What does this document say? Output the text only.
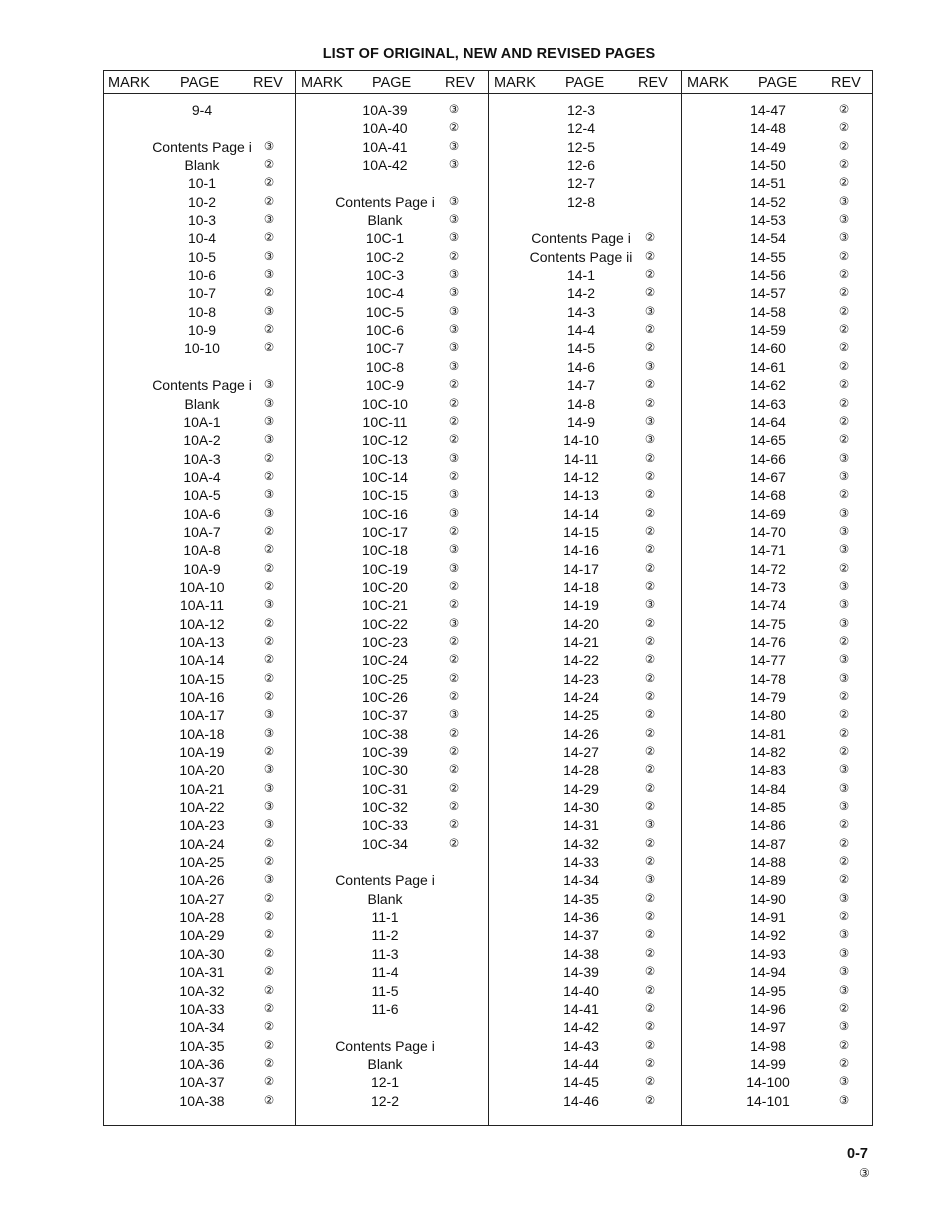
LIST OF ORIGINAL, NEW AND REVISED PAGES
MARK PAGE REV MARK PAGE REV MARK PAGE REV MARK PAGE REV
9-4
Contents Page i	③
Blank	②
10-1	②
10-2	②
10-3	③
10-4	②
10-5	③
10-6	③
10-7	②
10-8	③
10-9	②
10-10	②
Contents Page i	③
Blank	③
10A-1	③
10A-2	③
10A-3	②
10A-4	②
10A-5	③
10A-6	③
10A-7	②
10A-8	②
10A-9	②
10A-10	②
10A-11	③
10A-12	②
10A-13	②
10A-14	②
10A-15	②
10A-16	②
10A-17	③
10A-18	③
10A-19	②
10A-20	③
10A-21	③
10A-22	③
10A-23	③
10A-24	②
10A-25	②
10A-26	③
10A-27	②
10A-28	②
10A-29	②
10A-30	②
10A-31	②
10A-32	②
10A-33	②
10A-34	②
10A-35	②
10A-36	②
10A-37	②
10A-38	②
10A-39	③
10A-40	②
10A-41	③
10A-42	③
Contents Page i	③
Blank	③
10C-1	③
10C-2	②
10C-3	③
10C-4	③
10C-5	③
10C-6	③
10C-7	③
10C-8	③
10C-9	②
10C-10	②
10C-11	②
10C-12	②
10C-13	③
10C-14	②
10C-15	③
10C-16	③
10C-17	②
10C-18	③
10C-19	③
10C-20	②
10C-21	②
10C-22	③
10C-23	②
10C-24	②
10C-25	②
10C-26	②
10C-37	③
10C-38	②
10C-39	②
10C-30	②
10C-31	②
10C-32	②
10C-33	②
10C-34	②
Contents Page i
Blank
11-1
11-2
11-3
11-4
11-5
11-6
Contents Page i
Blank
12-1
12-2
12-3
12-4
12-5
12-6
12-7
12-8
Contents Page i	②
Contents Page ii	②
14-1	②
14-2	②
14-3	③
14-4	②
14-5	②
14-6	③
14-7	②
14-8	②
14-9	③
14-10	③
14-11	②
14-12	②
14-13	②
14-14	②
14-15	②
14-16	②
14-17	②
14-18	②
14-19	③
14-20	②
14-21	②
14-22	②
14-23	②
14-24	②
14-25	②
14-26	②
14-27	②
14-28	②
14-29	②
14-30	②
14-31	③
14-32	②
14-33	②
14-34	③
14-35	②
14-36	②
14-37	②
14-38	②
14-39	②
14-40	②
14-41	②
14-42	②
14-43	②
14-44	②
14-45	②
14-46	②
14-47	②
14-48	②
14-49	②
14-50	②
14-51	②
14-52	③
14-53	③
14-54	③
14-55	②
14-56	②
14-57	②
14-58	②
14-59	②
14-60	②
14-61	②
14-62	②
14-63	②
14-64	②
14-65	②
14-66	③
14-67	③
14-68	②
14-69	③
14-70	③
14-71	③
14-72	②
14-73	③
14-74	③
14-75	③
14-76	②
14-77	③
14-78	③
14-79	②
14-80	②
14-81	②
14-82	②
14-83	③
14-84	③
14-85	③
14-86	②
14-87	②
14-88	②
14-89	②
14-90	③
14-91	②
14-92	③
14-93	③
14-94	③
14-95	③
14-96	②
14-97	③
14-98	②
14-99	②
14-100	③
14-101	③
0-7
③
